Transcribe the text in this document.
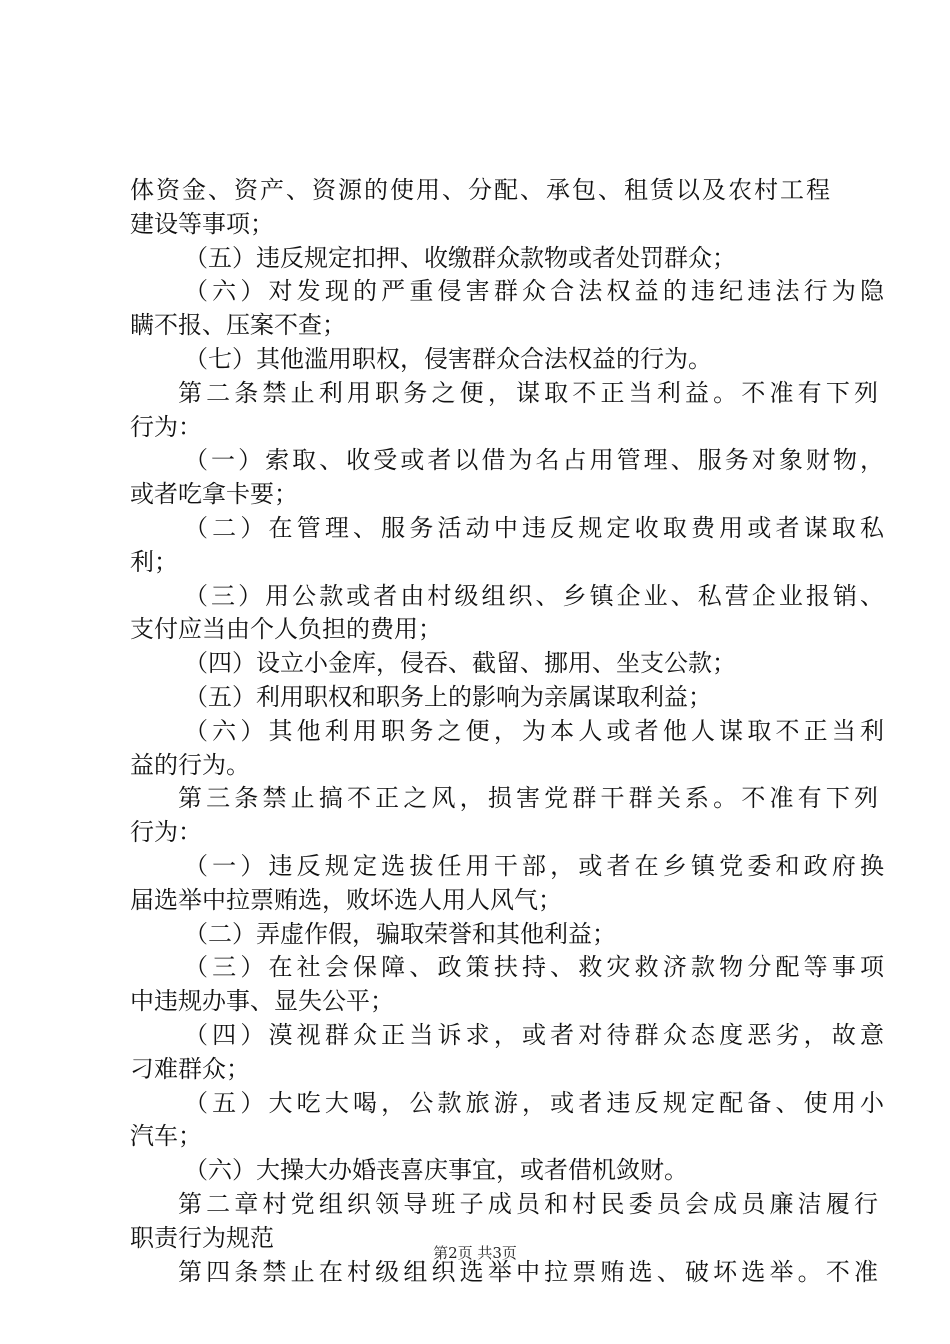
体资金、资产、资源的使用、分配、承包、租赁以及农村工程
建设等事项；
（五）违反规定扣押、收缴群众款物或者处罚群众；
（六）对发现的严重侵害群众合法权益的违纪违法行为隐
瞒不报、压案不查；
（七）其他滥用职权，侵害群众合法权益的行为。
第二条禁止利用职务之便，谋取不正当利益。不准有下列
行为：
（一）索取、收受或者以借为名占用管理、服务对象财物，
或者吃拿卡要；
（二）在管理、服务活动中违反规定收取费用或者谋取私
利；
（三）用公款或者由村级组织、乡镇企业、私营企业报销、
支付应当由个人负担的费用；
（四）设立小金库，侵吞、截留、挪用、坐支公款；
（五）利用职权和职务上的影响为亲属谋取利益；
（六）其他利用职务之便，为本人或者他人谋取不正当利
益的行为。
第三条禁止搞不正之风，损害党群干群关系。不准有下列
行为：
（一）违反规定选拔任用干部，或者在乡镇党委和政府换
届选举中拉票贿选，败坏选人用人风气；
（二）弄虚作假，骗取荣誉和其他利益；
（三）在社会保障、政策扶持、救灾救济款物分配等事项
中违规办事、显失公平；
（四）漠视群众正当诉求，或者对待群众态度恶劣，故意
刁难群众；
（五）大吃大喝，公款旅游，或者违反规定配备、使用小
汽车；
（六）大操大办婚丧喜庆事宜，或者借机敛财。
第二章村党组织领导班子成员和村民委员会成员廉洁履行
职责行为规范
第四条禁止在村级组织选举中拉票贿选、破坏选举。不准
第2页 共3页
